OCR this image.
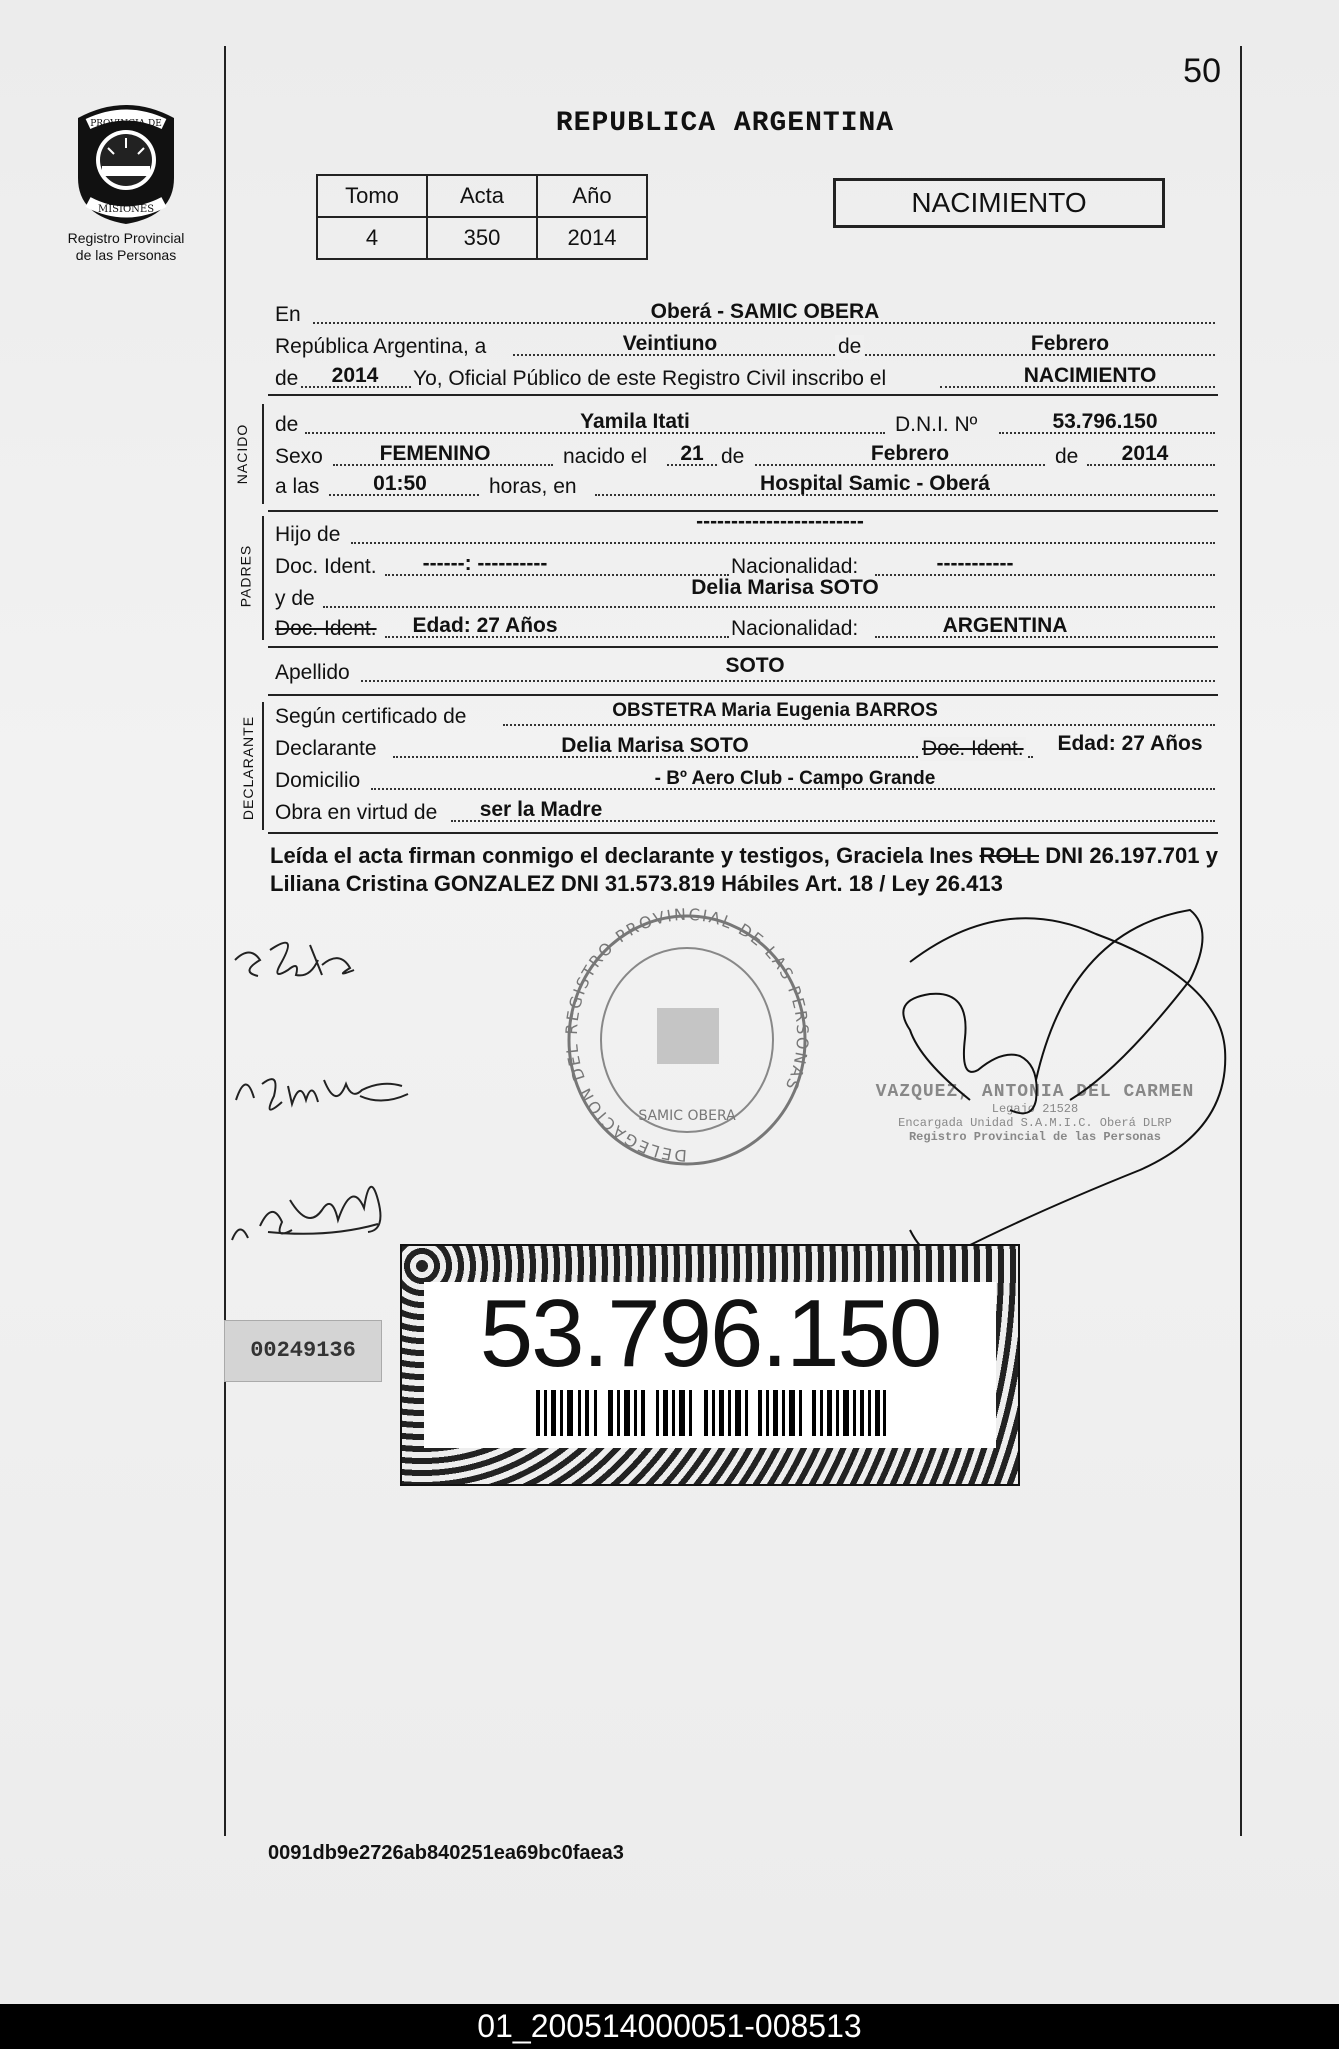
PROVINCIA DE
MISIONES
Registro Provincial
de las Personas
50
REPUBLICA ARGENTINA
Tomo	Acta	Año
4	350	2014
NACIMIENTO
En	Oberá - SAMIC OBERA
República Argentina, a	Veintiuno	de	Febrero
de	2014	Yo, Oficial Público de este Registro Civil inscribo el	NACIMIENTO
NACIDO de	Yamila Itati	D.N.I. Nº	53.796.150
Sexo	FEMENINO	nacido el	21 de	Febrero	de	2014
a las	01:50	horas, en	Hospital Samic - Oberá
PADRES
Hijo de
------------------------
Doc. Ident.	------: ----------	Nacionalidad:	-----------
y de	Delia Marisa SOTO
Doc. Ident.	Edad: 27 Años	Nacionalidad:	ARGENTINA
Apellido	SOTO
DECLARANTE Según certificado de	OBSTETRA Maria Eugenia BARROS
Declarante	Delia Marisa SOTO	Doc. Ident.	Edad: 27 Años
Domicilio	- Bº Aero Club - Campo Grande
Obra en virtud de	ser la Madre
Leída el acta firman conmigo el declarante y testigos, Graciela Ines ROLL DNI 26.197.701 y Liliana Cristina GONZALEZ DNI 31.573.819 Hábiles Art. 18 / Ley 26.413
Soto
Guzman
Gonzalez	DELEGACION DEL REGISTRO PROVINCIAL DE LAS PERSONAS
SAMIC OBERA
VAZQUEZ, ANTONIA DEL CARMEN
Legajo 21528
Encargada Unidad S.A.M.I.C. Oberá DLRP
Registro Provincial de las Personas
00249136	53.796.150
0091db9e2726ab840251ea69bc0faea3
01_200514000051-008513
